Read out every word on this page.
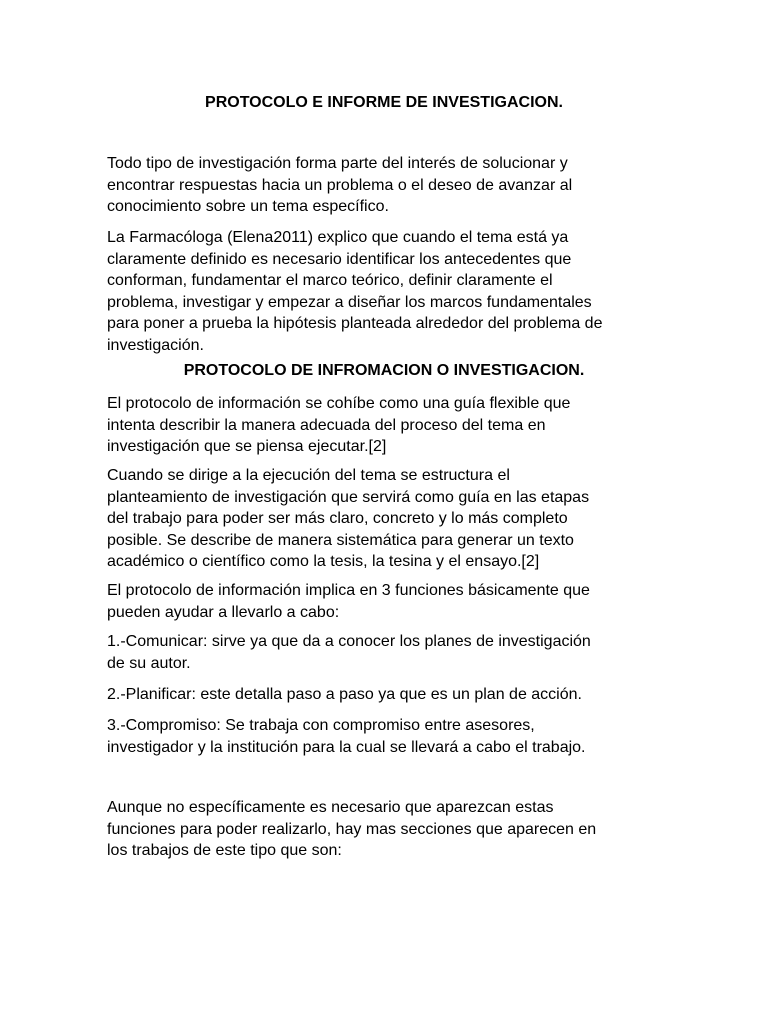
PROTOCOLO E INFORME DE INVESTIGACION.

Todo tipo de investigación forma parte del interés de solucionar y
encontrar respuestas hacia un problema o el deseo de avanzar al
conocimiento sobre un tema específico.

La Farmacóloga (Elena2011) explico que cuando el tema está ya
claramente definido es necesario identificar los antecedentes que
conforman, fundamentar el marco teórico, definir claramente el
problema, investigar y empezar a diseñar los marcos fundamentales
para poner a prueba la hipótesis planteada alrededor del problema de
investigación.

PROTOCOLO DE INFROMACION O INVESTIGACION.

El protocolo de información se cohíbe como una guía flexible que
intenta describir la manera adecuada del proceso del tema en
investigación que se piensa ejecutar.[2]

Cuando se dirige a la ejecución del tema se estructura el
planteamiento de investigación que servirá como guía en las etapas
del trabajo para poder ser más claro, concreto y lo más completo
posible. Se describe de manera sistemática para generar un texto
académico o científico como la tesis, la tesina y el ensayo.[2]

El protocolo de información implica en 3 funciones básicamente que
pueden ayudar a llevarlo a cabo:

1.-Comunicar: sirve ya que da a conocer los planes de investigación
de su autor.

2.-Planificar: este detalla paso a paso ya que es un plan de acción.

3.-Compromiso: Se trabaja con compromiso entre asesores,
investigador y la institución para la cual se llevará a cabo el trabajo.

Aunque no específicamente es necesario que aparezcan estas
funciones para poder realizarlo, hay mas secciones que aparecen en
los trabajos de este tipo que son:
